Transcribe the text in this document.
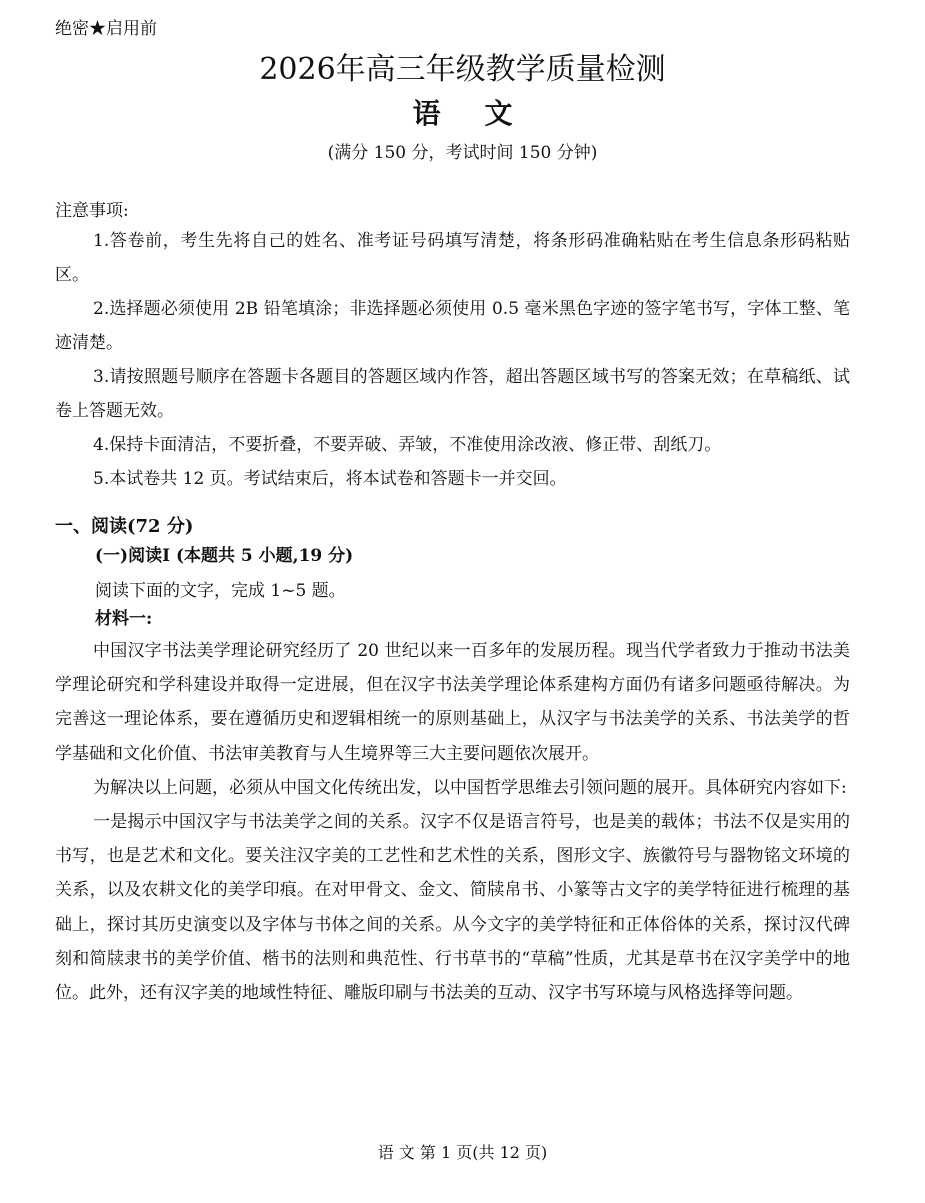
绝密★启用前
2026年高三年级教学质量检测
语文
(满分 150 分，考试时间 150 分钟)
注意事项:

1.答卷前，考生先将自己的姓名、准考证号码填写清楚，将条形码准确粘贴在考生信息条形码粘贴区。

2.选择题必须使用 2B 铅笔填涂；非选择题必须使用 0.5 毫米黑色字迹的签字笔书写，字体工整、笔迹清楚。

3.请按照题号顺序在答题卡各题目的答题区域内作答，超出答题区域书写的答案无效；在草稿纸、试卷上答题无效。

4.保持卡面清洁，不要折叠，不要弄破、弄皱，不准使用涂改液、修正带、刮纸刀。

5.本试卷共 12 页。考试结束后，将本试卷和答题卡一并交回。

一、阅读(72 分)
(一)阅读Ⅰ (本题共 5 小题,19 分)
阅读下面的文字，完成 1~5 题。
材料一:

中国汉字书法美学理论研究经历了 20 世纪以来一百多年的发展历程。现当代学者致力于推动书法美学理论研究和学科建设并取得一定进展，但在汉字书法美学理论体系建构方面仍有诸多问题亟待解决。为完善这一理论体系，要在遵循历史和逻辑相统一的原则基础上，从汉字与书法美学的关系、书法美学的哲学基础和文化价值、书法审美教育与人生境界等三大主要问题依次展开。

为解决以上问题，必须从中国文化传统出发，以中国哲学思维去引领问题的展开。具体研究内容如下:

一是揭示中国汉字与书法美学之间的关系。汉字不仅是语言符号，也是美的载体；书法不仅是实用的书写，也是艺术和文化。要关注汉字美的工艺性和艺术性的关系，图形文字、族徽符号与器物铭文环境的关系，以及农耕文化的美学印痕。在对甲骨文、金文、简牍帛书、小篆等古文字的美学特征进行梳理的基础上，探讨其历史演变以及字体与书体之间的关系。从今文字的美学特征和正体俗体的关系，探讨汉代碑刻和简牍隶书的美学价值、楷书的法则和典范性、行书草书的“草稿”性质，尤其是草书在汉字美学中的地位。此外，还有汉字美的地域性特征、雕版印刷与书法美的互动、汉字书写环境与风格选择等问题。

语 文 第 1 页(共 12 页)
